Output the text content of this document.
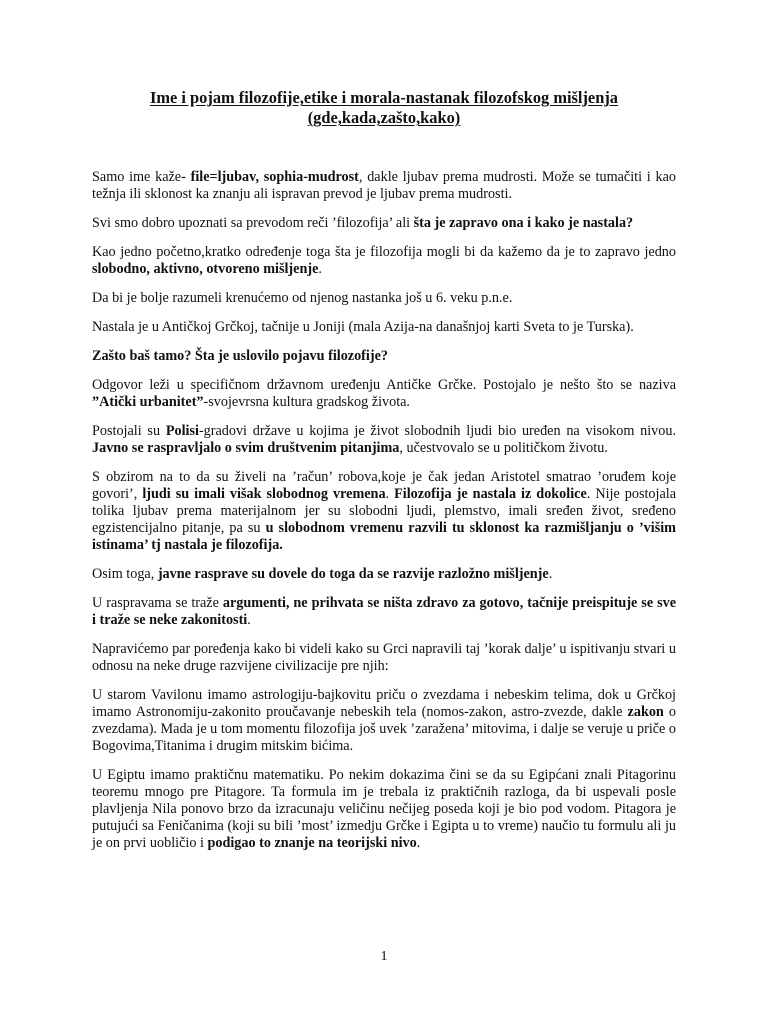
Ime i pojam filozofije,etike i morala-nastanak filozofskog mišljenja
(gde,kada,zašto,kako)

Samo ime kaže- file=ljubav, sophia-mudrost, dakle ljubav prema mudrosti. Može se tumačiti i kao težnja ili sklonost ka znanju ali ispravan prevod je ljubav prema mudrosti.

Svi smo dobro upoznati sa prevodom reči ’filozofija’ ali šta je zapravo ona i kako je nastala?

Kao jedno početno,kratko određenje toga šta je filozofija mogli bi da kažemo da je to zapravo jedno slobodno, aktivno, otvoreno mišljenje.

Da bi je bolje razumeli krenućemo od njenog nastanka još u 6. veku p.n.e.

Nastala je u Antičkoj Grčkoj, tačnije u Joniji (mala Azija-na današnjoj karti Sveta to je Turska).

Zašto baš tamo? Šta je uslovilo pojavu filozofije?

Odgovor leži u specifičnom državnom uređenju Antičke Grčke. Postojalo je nešto što se naziva ”Atički urbanitet”-svojevrsna kultura gradskog života.

Postojali su Polisi-gradovi države u kojima je život slobodnih ljudi bio uređen na visokom nivou. Javno se raspravljalo o svim društvenim pitanjima, učestvovalo se u političkom životu.

S obzirom na to da su živeli na ’račun’ robova,koje je čak jedan Aristotel smatrao ’oruđem koje govori’, ljudi su imali višak slobodnog vremena. Filozofija je nastala iz dokolice. Nije postojala tolika ljubav prema materijalnom jer su slobodni ljudi, plemstvo, imali sređen život, sređeno egzistencijalno pitanje, pa su u slobodnom vremenu razvili tu sklonost ka razmišljanju o ’višim istinama’ tj nastala je filozofija.

Osim toga, javne rasprave su dovele do toga da se razvije razložno mišljenje.

U raspravama se traže argumenti, ne prihvata se ništa zdravo za gotovo, tačnije preispituje se sve i traže se neke zakonitosti.

Napravićemo par poređenja kako bi videli kako su Grci napravili taj ’korak dalje’ u ispitivanju stvari u odnosu na neke druge razvijene civilizacije pre njih:

U starom Vavilonu imamo astrologiju-bajkovitu priču o zvezdama i nebeskim telima, dok u Grčkoj imamo Astronomiju-zakonito proučavanje nebeskih tela (nomos-zakon, astro-zvezde, dakle zakon o zvezdama). Mada je u tom momentu filozofija još uvek ’zaražena’ mitovima, i dalje se veruje u priče o Bogovima,Titanima i drugim mitskim bićima.

U Egiptu imamo praktičnu matematiku. Po nekim dokazima čini se da su Egipćani znali Pitagorinu teoremu mnogo pre Pitagore. Ta formula im je trebala iz praktičnih razloga, da bi uspevali posle plavljenja Nila ponovo brzo da izracunaju veličinu nečijeg poseda koji je bio pod vodom. Pitagora je putujući sa Feničanima (koji su bili ’most’ izmedju Grčke i Egipta u to vreme) naučio tu formulu ali ju je on prvi uobličio i podigao to znanje na teorijski nivo.

1
